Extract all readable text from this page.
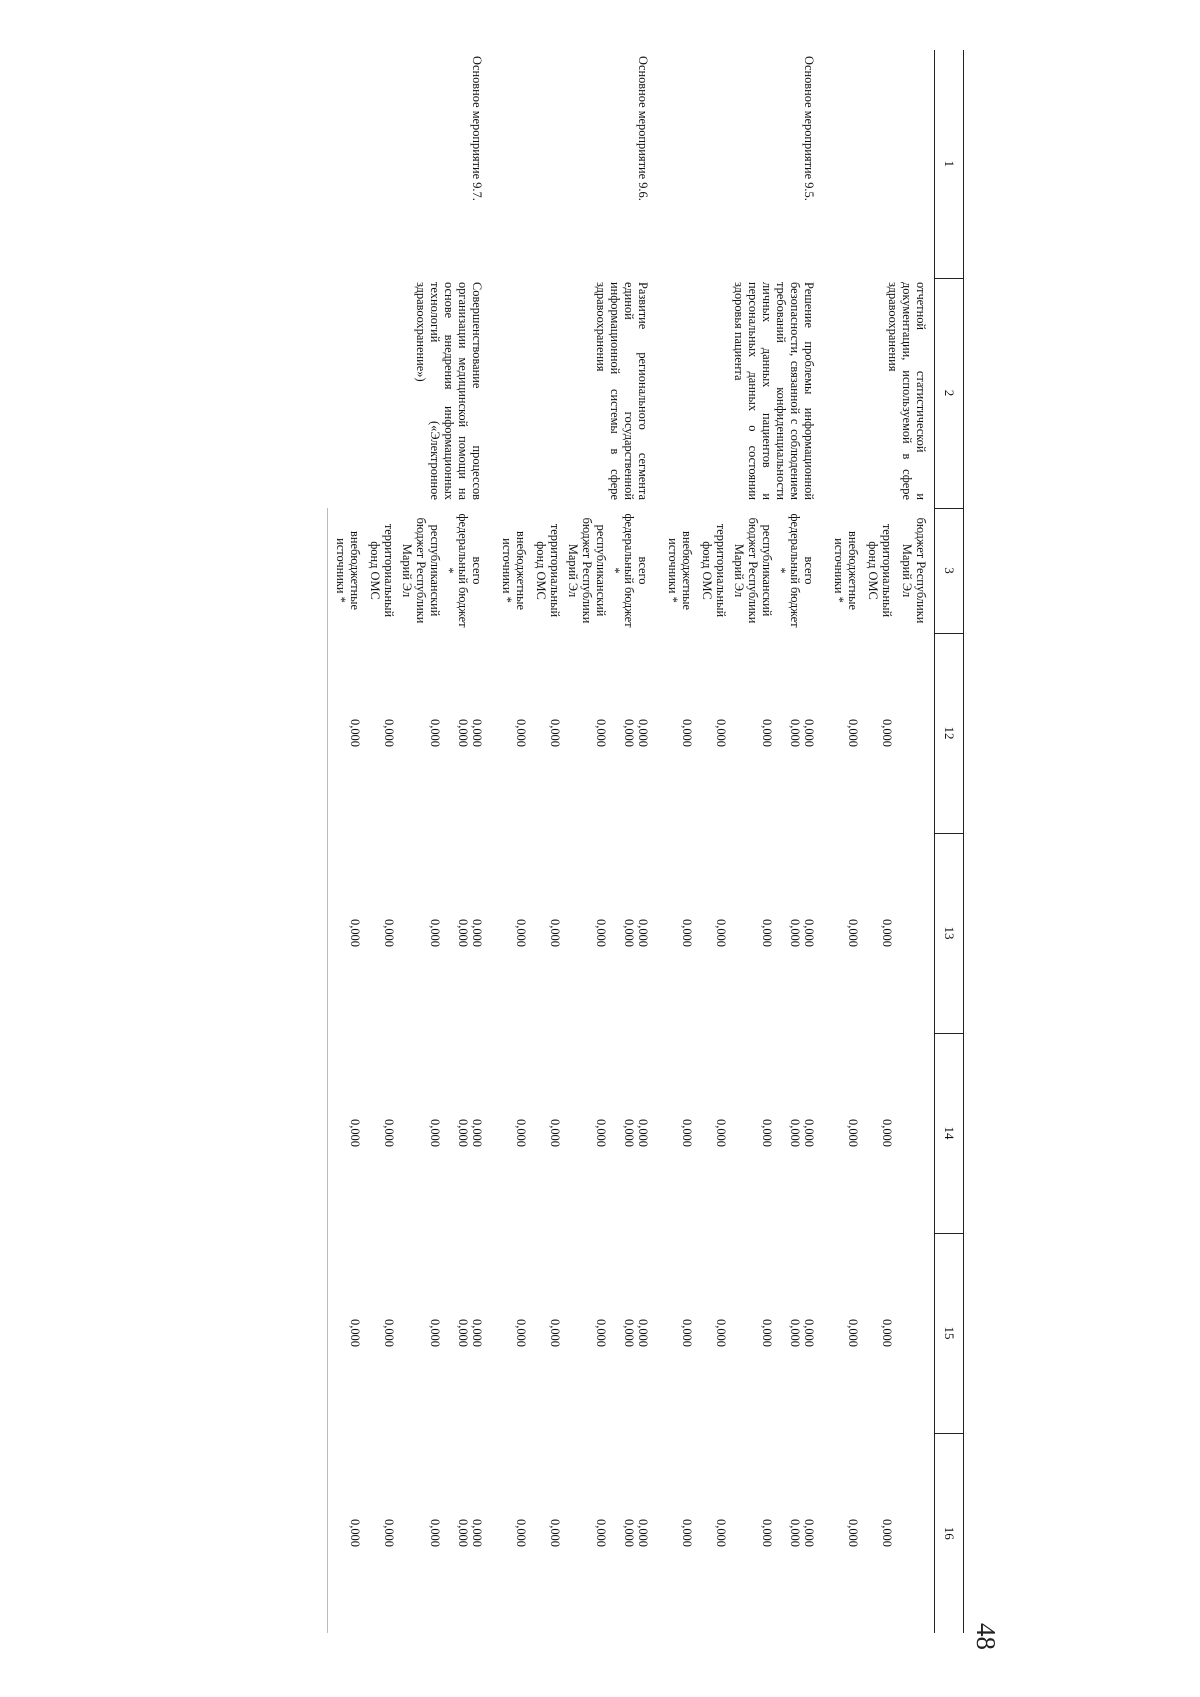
48
1	2	3	12	13	14	15	16
	отчетной статистической и документации, используемой в сфере здравоохранения	бюджет Республики Марий Эл					
		территориальный фонд ОМС	0,000	0,000	0,000	0,000	0,000
		внебюджетные источники *	0,000	0,000	0,000	0,000	0,000
Основное мероприятие 9.5.	Решение проблемы информационной безопасности, связанной с соблюдением требований конфиденциальности личных данных пациентов и персональных данных о состоянии здоровья пациента	всего	0,000	0,000	0,000	0,000	0,000
		федеральный бюджет *	0,000	0,000	0,000	0,000	0,000
		республиканский бюджет Республики Марий Эл	0,000	0,000	0,000	0,000	0,000
		территориальный фонд ОМС	0,000	0,000	0,000	0,000	0,000
		внебюджетные источники *	0,000	0,000	0,000	0,000	0,000
Основное мероприятие 9.6.	Развитие регионального сегмента единой государственной информационной системы в сфере здравоохранения	всего	0,000	0,000	0,000	0,000	0,000
		федеральный бюджет *	0,000	0,000	0,000	0,000	0,000
		республиканский бюджет Республики Марий Эл	0,000	0,000	0,000	0,000	0,000
		территориальный фонд ОМС	0,000	0,000	0,000	0,000	0,000
		внебюджетные источники *	0,000	0,000	0,000	0,000	0,000
Основное мероприятие 9.7.	Совершенствование процессов организации медицинской помощи на основе внедрения информационных технологий («Электронное здравоохранение»)	всего	0,000	0,000	0,000	0,000	0,000
		федеральный бюджет *	0,000	0,000	0,000	0,000	0,000
		республиканский бюджет Республики Марий Эл	0,000	0,000	0,000	0,000	0,000
		территориальный фонд ОМС	0,000	0,000	0,000	0,000	0,000
		внебюджетные источники *	0,000	0,000	0,000	0,000	0,000
